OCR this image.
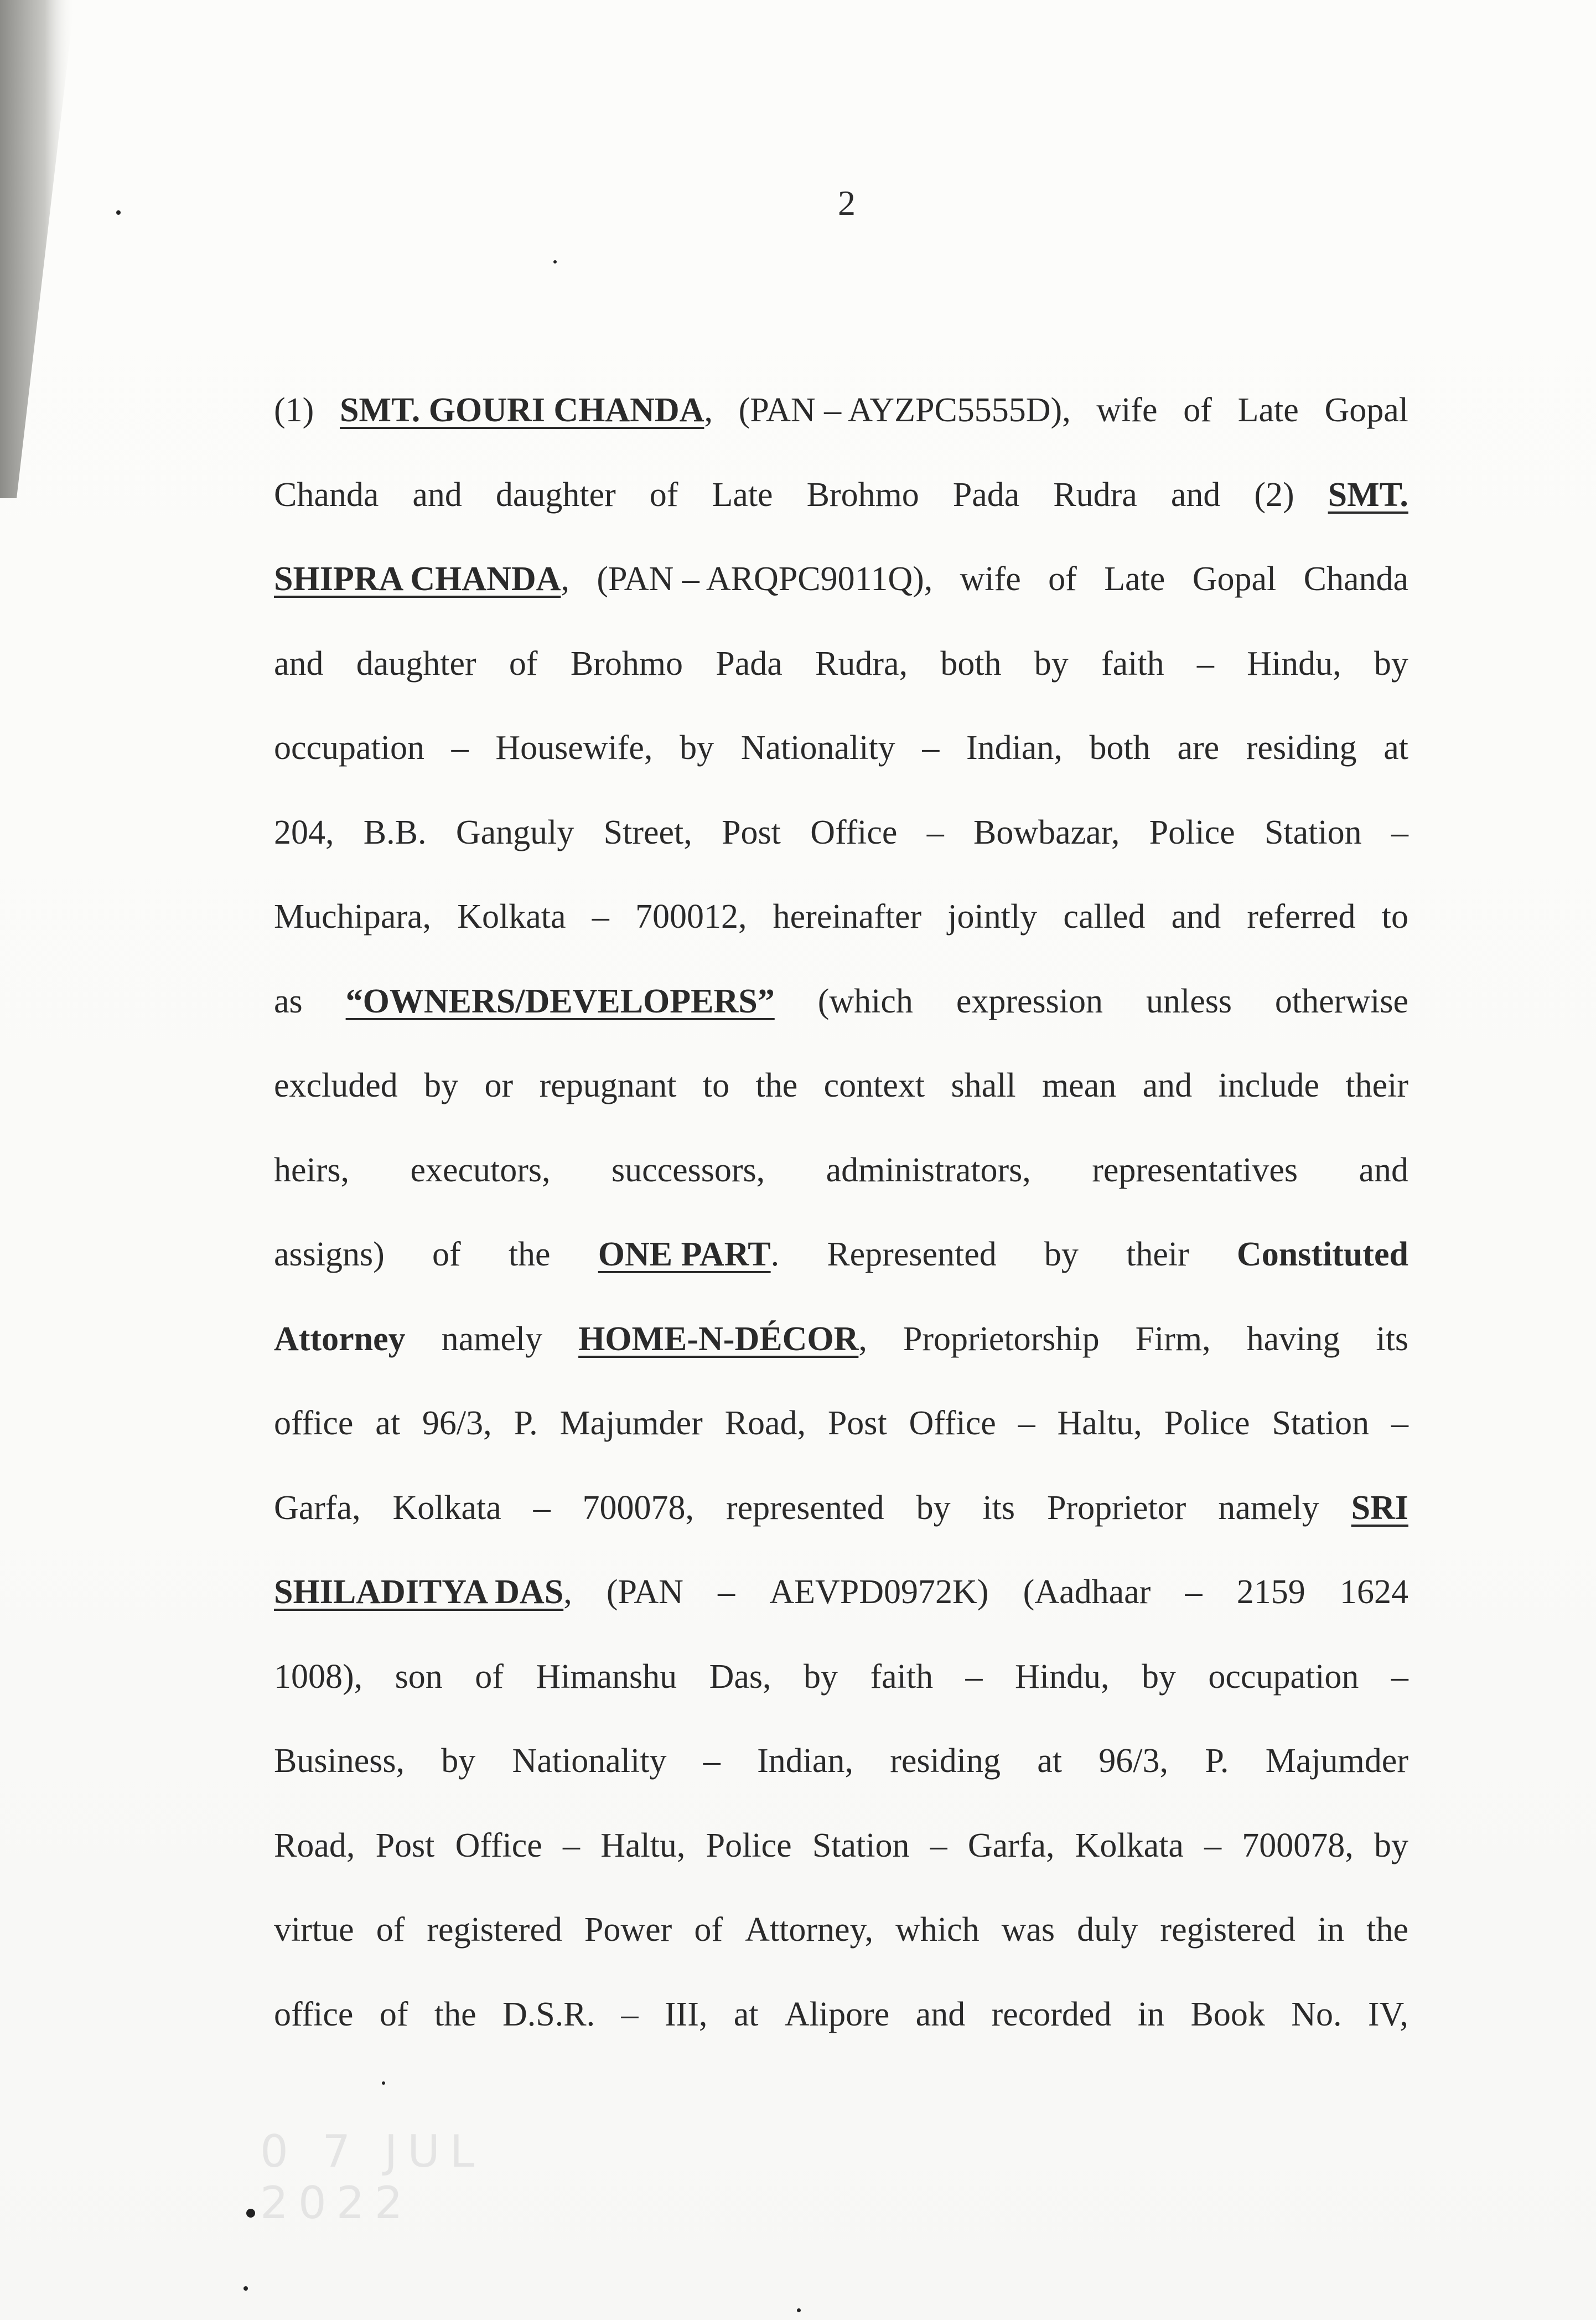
2
(1) SMT. GOURI CHANDA, (PAN – AYZPC5555D), wife of Late Gopal
Chanda and daughter of Late Brohmo Pada Rudra and (2) SMT.
SHIPRA CHANDA, (PAN – ARQPC9011Q), wife of Late Gopal Chanda
and daughter of Brohmo Pada Rudra, both by faith – Hindu, by
occupation – Housewife, by Nationality – Indian, both are residing at
204, B.B. Ganguly Street, Post Office – Bowbazar, Police Station –
Muchipara, Kolkata – 700012, hereinafter jointly called and referred to
as “OWNERS/DEVELOPERS” (which expression unless otherwise
excluded by or repugnant to the context shall mean and include their
heirs, executors, successors, administrators, representatives and
assigns) of the ONE PART. Represented by their Constituted
Attorney namely HOME-N-DÉCOR, Proprietorship Firm, having its
office at 96/3, P. Majumder Road, Post Office – Haltu, Police Station –
Garfa, Kolkata – 700078, represented by its Proprietor namely SRI
SHILADITYA DAS, (PAN – AEVPD0972K) (Aadhaar – 2159 1624
1008), son of Himanshu Das, by faith – Hindu, by occupation –
Business, by Nationality – Indian, residing at 96/3, P. Majumder
Road, Post Office – Haltu, Police Station – Garfa, Kolkata – 700078, by
virtue of registered Power of Attorney, which was duly registered in the
office of the D.S.R. – III, at Alipore and recorded in Book No. IV,
0 7 JUL 2022
